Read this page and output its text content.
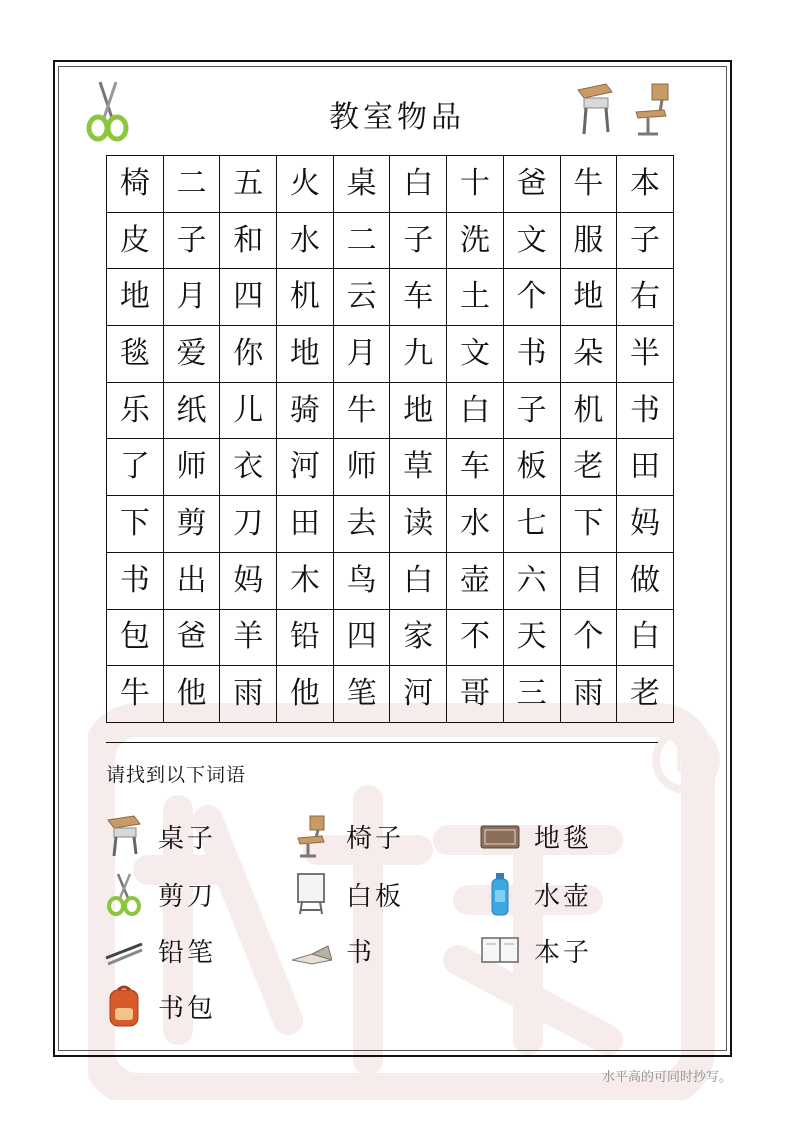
R
教室物品
椅	二	五	火	桌	白	十	爸	牛	本
皮	子	和	水	二	子	洗	文	服	子
地	月	四	机	云	车	土	个	地	右
毯	爱	你	地	月	九	文	书	朵	半
乐	纸	儿	骑	牛	地	白	子	机	书
了	师	衣	河	师	草	车	板	老	田
下	剪	刀	田	去	读	水	七	下	妈
书	出	妈	木	鸟	白	壶	六	目	做
包	爸	羊	铅	四	家	不	天	个	白
牛	他	雨	他	笔	河	哥	三	雨	老
请找到以下词语
桌子	椅子	地毯
剪刀	白板	水壶
铅笔	书	本子
书包
水平高的可同时抄写。
